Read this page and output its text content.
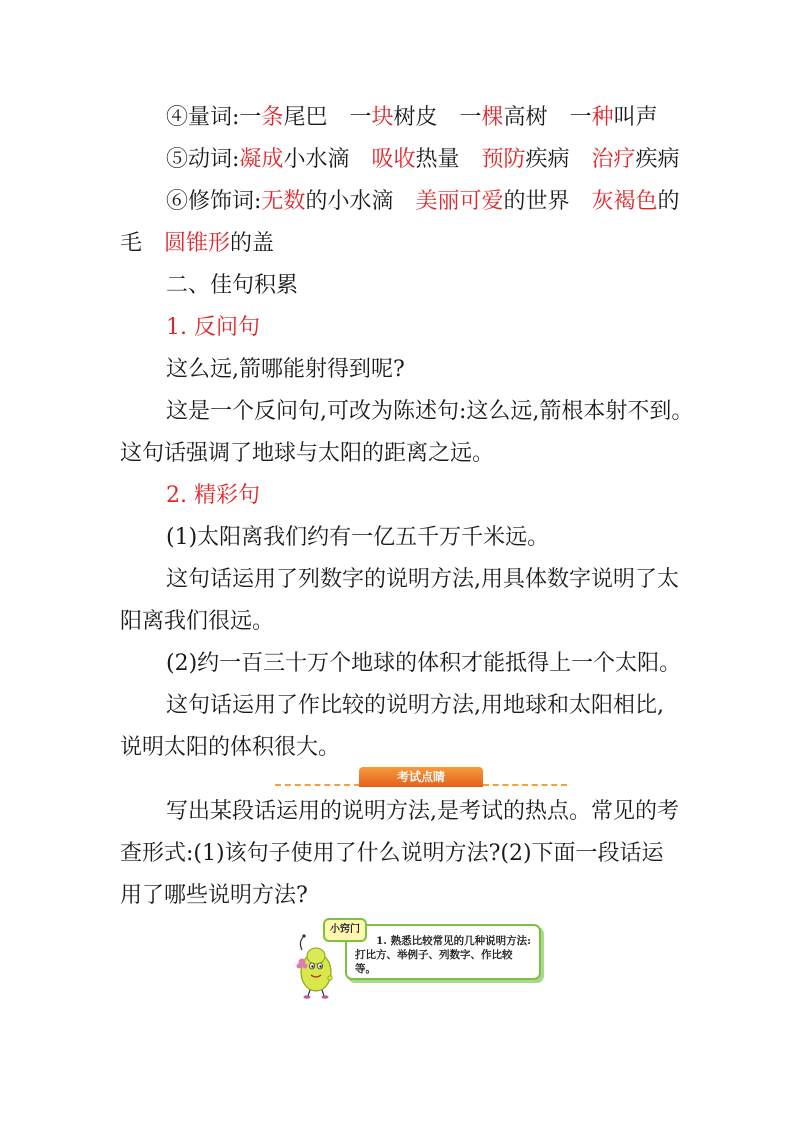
④量词:一条尾巴 一块树皮 一棵高树 一种叫声
⑤动词:凝成小水滴 吸收热量 预防疾病 治疗疾病
⑥修饰词:无数的小水滴 美丽可爱的世界 灰褐色的
毛 圆锥形的盖
二、佳句积累
1. 反问句
这么远,箭哪能射得到呢?
这是一个反问句,可改为陈述句:这么远,箭根本射不到。
这句话强调了地球与太阳的距离之远。
2. 精彩句
(1)太阳离我们约有一亿五千万千米远。
这句话运用了列数字的说明方法,用具体数字说明了太
阳离我们很远。
(2)约一百三十万个地球的体积才能抵得上一个太阳。
这句话运用了作比较的说明方法,用地球和太阳相比,
说明太阳的体积很大。
考试点睛
写出某段话运用的说明方法,是考试的热点。常见的考
查形式:(1)该句子使用了什么说明方法?(2)下面一段话运
用了哪些说明方法?
1. 熟悉比较常见的几种说明方法: 打比方、举例子、列数字、作比较等。
小窍门
